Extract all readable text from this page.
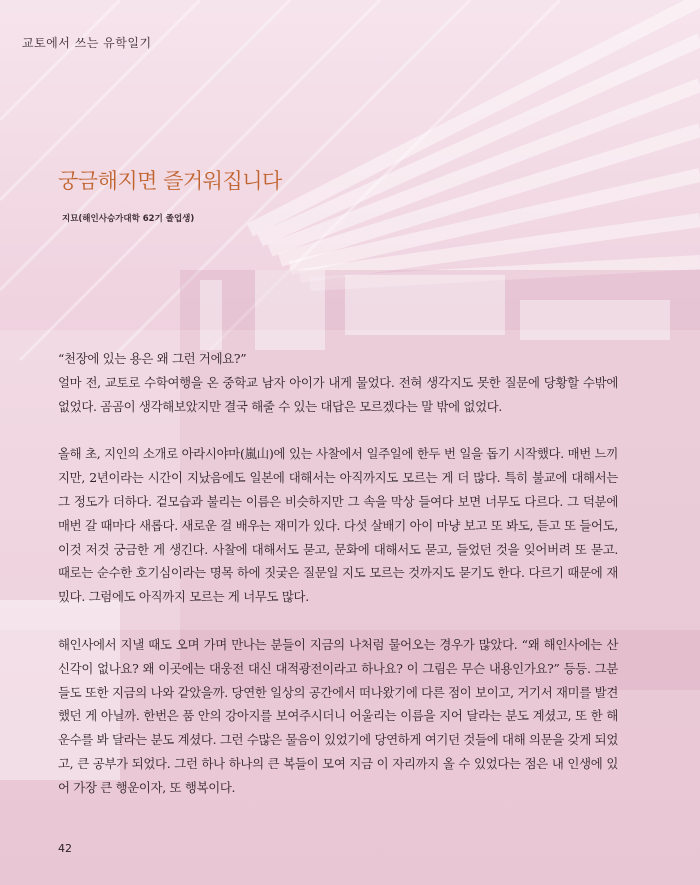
교토에서 쓰는 유학일기
궁금해지면 즐거워집니다
지묘(해인사승가대학 62기 졸업생)

“천장에 있는 용은 왜 그런 거에요?”

얼마 전, 교토로 수학여행을 온 중학교 남자 아이가 내게 물었다. 전혀 생각지도 못한 질문에 당황할 수밖에 없었다. 곰곰이 생각해보았지만 결국 해줄 수 있는 대답은 모르겠다는 말 밖에 없었다.

올해 초, 지인의 소개로 아라시야마(嵐山)에 있는 사찰에서 일주일에 한두 번 일을 돕기 시작했다. 매번 느끼지만, 2년이라는 시간이 지났음에도 일본에 대해서는 아직까지도 모르는 게 더 많다. 특히 불교에 대해서는 그 정도가 더하다. 겉모습과 불리는 이름은 비슷하지만 그 속을 막상 들여다 보면 너무도 다르다. 그 덕분에 매번 갈 때마다 새롭다. 새로운 걸 배우는 재미가 있다. 다섯 살배기 아이 마냥 보고 또 봐도, 듣고 또 들어도, 이것 저것 궁금한 게 생긴다. 사찰에 대해서도 묻고, 문화에 대해서도 묻고, 들었던 것을 잊어버려 또 묻고. 때로는 순수한 호기심이라는 명목 하에 짓궂은 질문일 지도 모르는 것까지도 묻기도 한다. 다르기 때문에 재밌다. 그럼에도 아직까지 모르는 게 너무도 많다.

해인사에서 지낼 때도 오며 가며 만나는 분들이 지금의 나처럼 물어오는 경우가 많았다. “왜 해인사에는 산신각이 없나요? 왜 이곳에는 대웅전 대신 대적광전이라고 하나요? 이 그림은 무슨 내용인가요?” 등등. 그분들도 또한 지금의 나와 같았을까. 당연한 일상의 공간에서 떠나왔기에 다른 점이 보이고, 거기서 재미를 발견했던 게 아닐까. 한번은 품 안의 강아지를 보여주시더니 어울리는 이름을 지어 달라는 분도 계셨고, 또 한 해 운수를 봐 달라는 분도 계셨다. 그런 수많은 물음이 있었기에 당연하게 여기던 것들에 대해 의문을 갖게 되었고, 큰 공부가 되었다. 그런 하나 하나의 큰 복들이 모여 지금 이 자리까지 올 수 있었다는 점은 내 인생에 있어 가장 큰 행운이자, 또 행복이다.

42
